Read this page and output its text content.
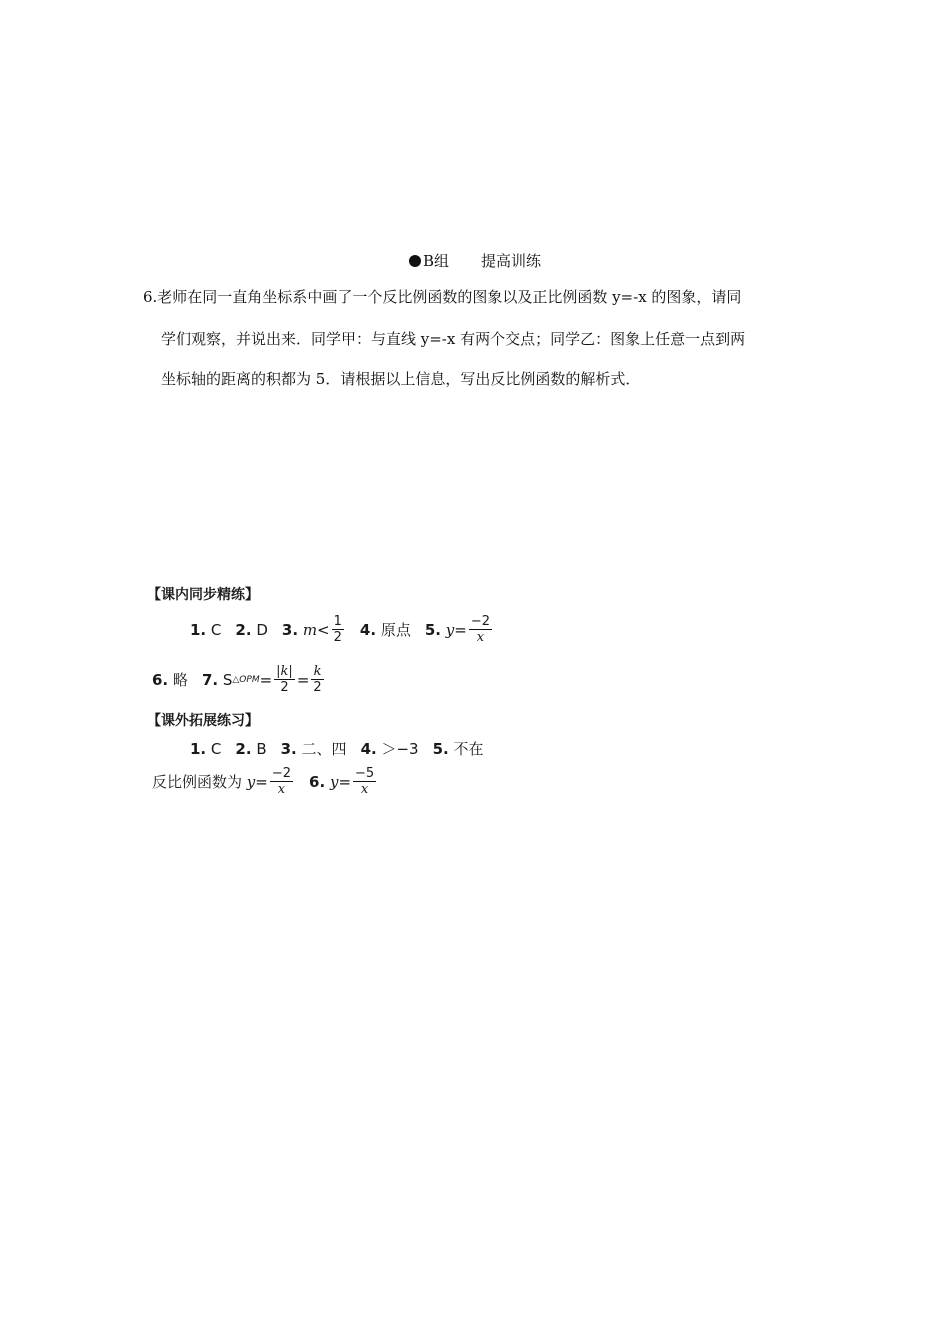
B组 提高训练
6.老师在同一直角坐标系中画了一个反比例函数的图象以及正比例函数 y=-x 的图象，请同
学们观察，并说出来．同学甲：与直线 y=-x 有两个交点；同学乙：图象上任意一点到两
坐标轴的距离的积都为 5．请根据以上信息，写出反比例函数的解析式．
【课内同步精练】
1.
C 2.
D 3.
$m < \frac{1}{2} 4$.
原点 5.
$y = \frac{-2}{x}$
6.
略 7.
S △OPM = $\frac{|k|}{2} = \frac{k}{2}$
【课外拓展练习】
1.
C 2.
B 3.
二、四 4.
＞−3 5.
不在
反比例函数为
$y = \frac{-2}{x} 6$.
$y = \frac{-5}{x}$
